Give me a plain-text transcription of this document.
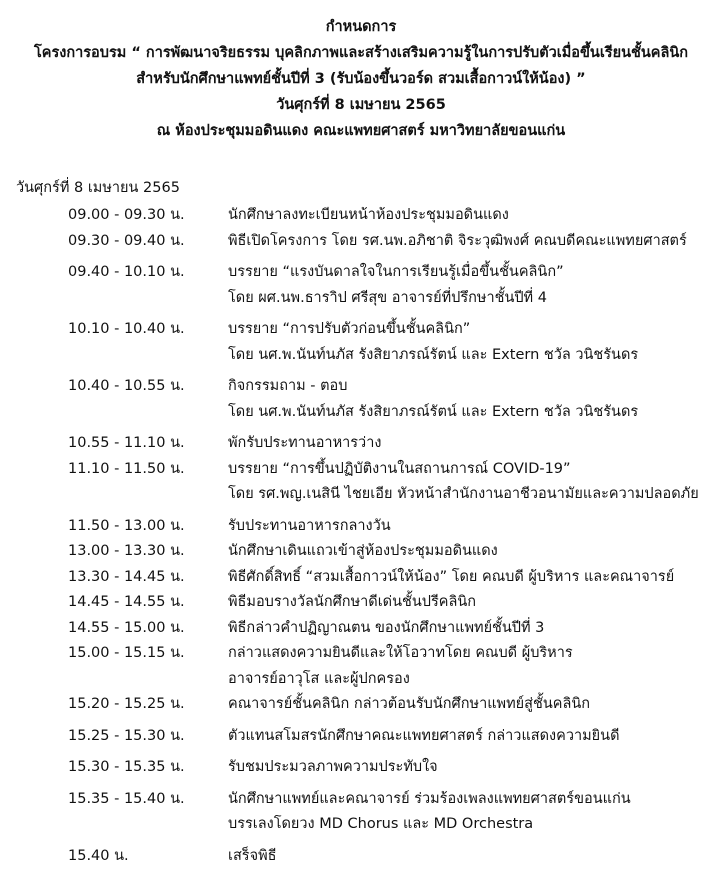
กำหนดการ
โครงการอบรม “ การพัฒนาจริยธรรม บุคลิกภาพและสร้างเสริมความรู้ในการปรับตัวเมื่อขึ้นเรียนชั้นคลินิก
สำหรับนักศึกษาแพทย์ชั้นปีที่ 3 (รับน้องขึ้นวอร์ด สวมเสื้อกาวน์ให้น้อง) ”
วันศุกร์ที่ 8 เมษายน 2565
ณ ห้องประชุมมอดินแดง คณะแพทยศาสตร์ มหาวิทยาลัยขอนแก่น
วันศุกร์ที่ 8 เมษายน 2565
09.00 - 09.30 น.	นักศึกษาลงทะเบียนหน้าห้องประชุมมอดินแดง
09.30 - 09.40 น.	พิธีเปิดโครงการ โดย รศ.นพ.อภิชาติ จิระวุฒิพงศ์ คณบดีคณะแพทยศาสตร์
09.40 - 10.10 น.	บรรยาย “แรงบันดาลใจในการเรียนรู้เมื่อขึ้นชั้นคลินิก”
โดย ผศ.นพ.ธาราิป ศรีสุข อาจารย์ที่ปรึกษาชั้นปีที่ 4
10.10 - 10.40 น.	บรรยาย “การปรับตัวก่อนขึ้นชั้นคลินิก”
โดย นศ.พ.นันท์นภัส รังสิยาภรณ์รัตน์ และ Extern ชวัล วนิชรันดร
10.40 - 10.55 น.	กิจกรรมถาม - ตอบ
โดย นศ.พ.นันท์นภัส รังสิยาภรณ์รัตน์ และ Extern ชวัล วนิชรันดร
10.55 - 11.10 น.	พักรับประทานอาหารว่าง
11.10 - 11.50 น.	บรรยาย “การขึ้นปฏิบัติงานในสถานการณ์ COVID-19”
โดย รศ.พญ.เนสินี ไชยเอีย หัวหน้าสำนักงานอาชีวอนามัยและความปลอดภัย
11.50 - 13.00 น.	รับประทานอาหารกลางวัน
13.00 - 13.30 น.	นักศึกษาเดินแถวเข้าสู่ห้องประชุมมอดินแดง
13.30 - 14.45 น.	พิธีศักดิ์สิทธิ์ “สวมเสื้อกาวน์ให้น้อง” โดย คณบดี ผู้บริหาร และคณาจารย์
14.45 - 14.55 น.	พิธีมอบรางวัลนักศึกษาดีเด่นชั้นปรีคลินิก
14.55 - 15.00 น.	พิธีกล่าวคำปฏิญาณตน ของนักศึกษาแพทย์ชั้นปีที่ 3
15.00 - 15.15 น.	กล่าวแสดงความยินดีและให้โอวาทโดย คณบดี ผู้บริหาร
อาจารย์อาวุโส และผู้ปกครอง
15.20 - 15.25 น.	คณาจารย์ชั้นคลินิก กล่าวต้อนรับนักศึกษาแพทย์สู่ชั้นคลินิก
15.25 - 15.30 น.	ตัวแทนสโมสรนักศึกษาคณะแพทยศาสตร์ กล่าวแสดงความยินดี
15.30 - 15.35 น.	รับชมประมวลภาพความประทับใจ
15.35 - 15.40 น.	นักศึกษาแพทย์และคณาจารย์ ร่วมร้องเพลงแพทยศาสตร์ขอนแก่น
บรรเลงโดยวง MD Chorus และ MD Orchestra
15.40 น.	เสร็จพิธี
